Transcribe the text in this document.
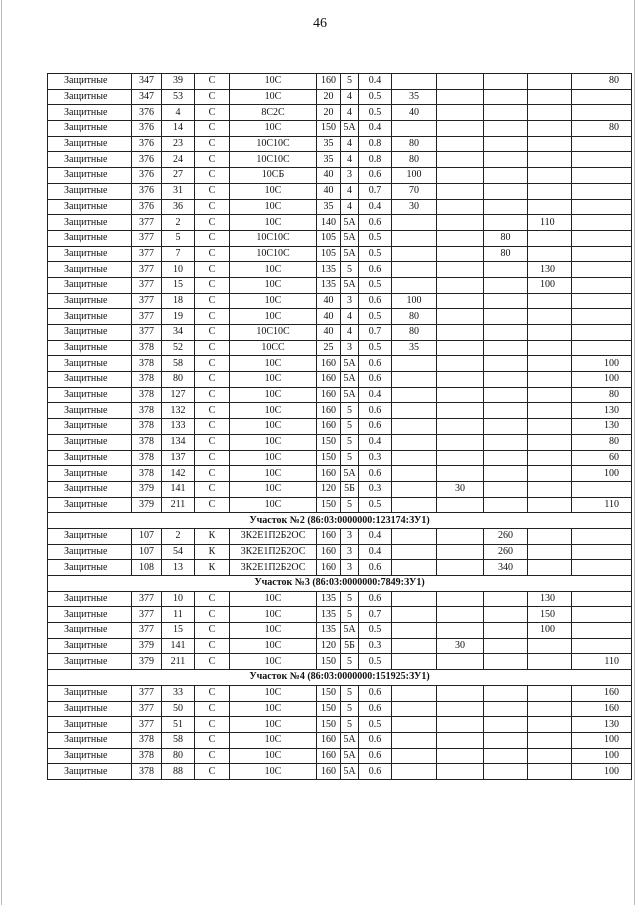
46
Защитные	347	39	С	10С	160	5	0.4					80
Защитные	347	53	С	10С	20	4	0.5	35				
Защитные	376	4	С	8С2С	20	4	0.5	40				
Защитные	376	14	С	10С	150	5А	0.4					80
Защитные	376	23	С	10С10С	35	4	0.8	80				
Защитные	376	24	С	10С10С	35	4	0.8	80				
Защитные	376	27	С	10СБ	40	3	0.6	100				
Защитные	376	31	С	10С	40	4	0.7	70				
Защитные	376	36	С	10С	35	4	0.4	30				
Защитные	377	2	С	10С	140	5А	0.6				110	
Защитные	377	5	С	10С10С	105	5А	0.5			80		
Защитные	377	7	С	10С10С	105	5А	0.5			80		
Защитные	377	10	С	10С	135	5	0.6				130	
Защитные	377	15	С	10С	135	5А	0.5				100	
Защитные	377	18	С	10С	40	3	0.6	100				
Защитные	377	19	С	10С	40	4	0.5	80				
Защитные	377	34	С	10С10С	40	4	0.7	80				
Защитные	378	52	С	10СС	25	3	0.5	35				
Защитные	378	58	С	10С	160	5А	0.6					100
Защитные	378	80	С	10С	160	5А	0.6					100
Защитные	378	127	С	10С	160	5А	0.4					80
Защитные	378	132	С	10С	160	5	0.6					130
Защитные	378	133	С	10С	160	5	0.6					130
Защитные	378	134	С	10С	150	5	0.4					80
Защитные	378	137	С	10С	150	5	0.3					60
Защитные	378	142	С	10С	160	5А	0.6					100
Защитные	379	141	С	10С	120	5Б	0.3		30			
Защитные	379	211	С	10С	150	5	0.5					110
Участок №2 (86:03:0000000:123174:ЗУ1)												
Защитные	107	2	К	3К2Е1П2Б2ОС	160	3	0.4			260		
Защитные	107	54	К	3К2Е1П2Б2ОС	160	3	0.4			260		
Защитные	108	13	К	3К2Е1П2Б2ОС	160	3	0.6			340		
Участок №3 (86:03:0000000:7849:ЗУ1)												
Защитные	377	10	С	10С	135	5	0.6				130	
Защитные	377	11	С	10С	135	5	0.7				150	
Защитные	377	15	С	10С	135	5А	0.5				100	
Защитные	379	141	С	10С	120	5Б	0.3		30			
Защитные	379	211	С	10С	150	5	0.5					110
Участок №4 (86:03:0000000:151925:ЗУ1)												
Защитные	377	33	С	10С	150	5	0.6					160
Защитные	377	50	С	10С	150	5	0.6					160
Защитные	377	51	С	10С	150	5	0.5					130
Защитные	378	58	С	10С	160	5А	0.6					100
Защитные	378	80	С	10С	160	5А	0.6					100
Защитные	378	88	С	10С	160	5А	0.6					100
